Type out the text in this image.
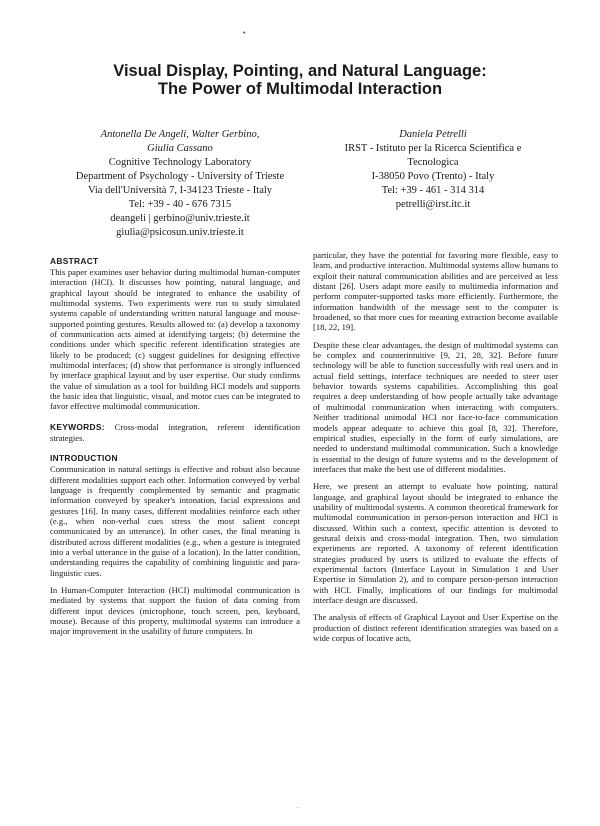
•
Visual Display, Pointing, and Natural Language:
The Power of Multimodal Interaction
Antonella De Angeli, Walter Gerbino,
Giulia Cassano
Cognitive Technology Laboratory
Department of Psychology - University of Trieste
Via dell'Università 7, I-34123 Trieste - Italy
Tel: +39 - 40 - 676 7315
deangeli | gerbino@univ.trieste.it
giulia@psicosun.univ.trieste.it
Daniela Petrelli
IRST - Istituto per la Ricerca Scientifica e
Tecnologica
I-38050 Povo (Trento) - Italy
Tel: +39 - 461 - 314 314
petrelli@irst.itc.it
ABSTRACT

This paper examines user behavior during multimodal human-computer interaction (HCI). It discusses how pointing, natural language, and graphical layout should be integrated to enhance the usability of multimodal systems. Two experiments were run to study simulated systems capable of understanding written natural language and mouse-supported pointing gestures. Results allowed to: (a) develop a taxonomy of communication acts aimed at identifying targets; (b) determine the conditions under which specific referent identification strategies are likely to be produced; (c) suggest guidelines for designing effective multimodal interfaces; (d) show that performance is strongly influenced by interface graphical layout and by user expertise. Our study confirms the value of simulation as a tool for building HCI models and supports the basic idea that linguistic, visual, and motor cues can be integrated to favor effective multimodal communication.

KEYWORDS: Cross-modal integration, referent identification strategies.
INTRODUCTION

Communication in natural settings is effective and robust also because different modalities support each other. Information conveyed by verbal language is frequently complemented by semantic and pragmatic information conveyed by speaker's intonation, facial expressions and gestures [16]. In many cases, different modalities reinforce each other (e.g., when non-verbal cues stress the most salient concept communicated by an utterance). In other cases, the final meaning is distributed across different modalities (e.g., when a gesture is integrated into a verbal utterance in the guise of a location). In the latter condition, understanding requires the capability of combining linguistic and para-linguistic cues.

In Human-Computer Interaction (HCI) multimodal communication is mediated by systems that support the fusion of data coming from different input devices (microphone, touch screen, pen, keyboard, mouse). Because of this property, multimodal systems can introduce a major improvement in the usability of future computers. In

particular, they have the potential for favoring more flexible, easy to learn, and productive interaction. Multimodal systems allow humans to exploit their natural communication abilities and are perceived as less distant [26]. Users adapt more easily to multimedia information and perform computer-supported tasks more efficiently. Furthermore, the information bandwidth of the message sent to the computer is broadened, so that more cues for meaning extraction become available [18, 22, 19].

Despite these clear advantages, the design of multimodal systems can be complex and counterintuitive [9, 21, 28, 32]. Before future technology will be able to function successfully with real users and in actual field settings, interface techniques are needed to steer user behavior towards systems capabilities. Accomplishing this goal requires a deep understanding of how people actually take advantage of multimodal communication when interacting with computers. Neither traditional unimodal HCI nor face-to-face communication models appear adequate to achieve this goal [8, 32]. Therefore, empirical studies, especially in the form of early simulations, are needed to understand multimodal communication. Such a knowledge is essential to the design of future systems and to the development of interfaces that make the best use of different modalities.

Here, we present an attempt to evaluate how pointing, natural language, and graphical layout should be integrated to enhance the usability of multimodal systems. A common theoretical framework for multimodal communication in person-person interaction and HCI is discussed. Within such a context, specific attention is devoted to gestural deixis and cross-modal integration. Then, two simulation experiments are reported. A taxonomy of referent identification strategies produced by users is utilized to evaluate the effects of experimental factors (Interface Layout in Simulation 1 and User Expertise in Simulation 2), and to compare person-person interaction with HCI. Finally, implications of our findings for multimodal interface design are discussed.

The analysis of effects of Graphical Layout and User Expertise on the production of distinct referent identification strategies was based on a wide corpus of locative acts,

.
